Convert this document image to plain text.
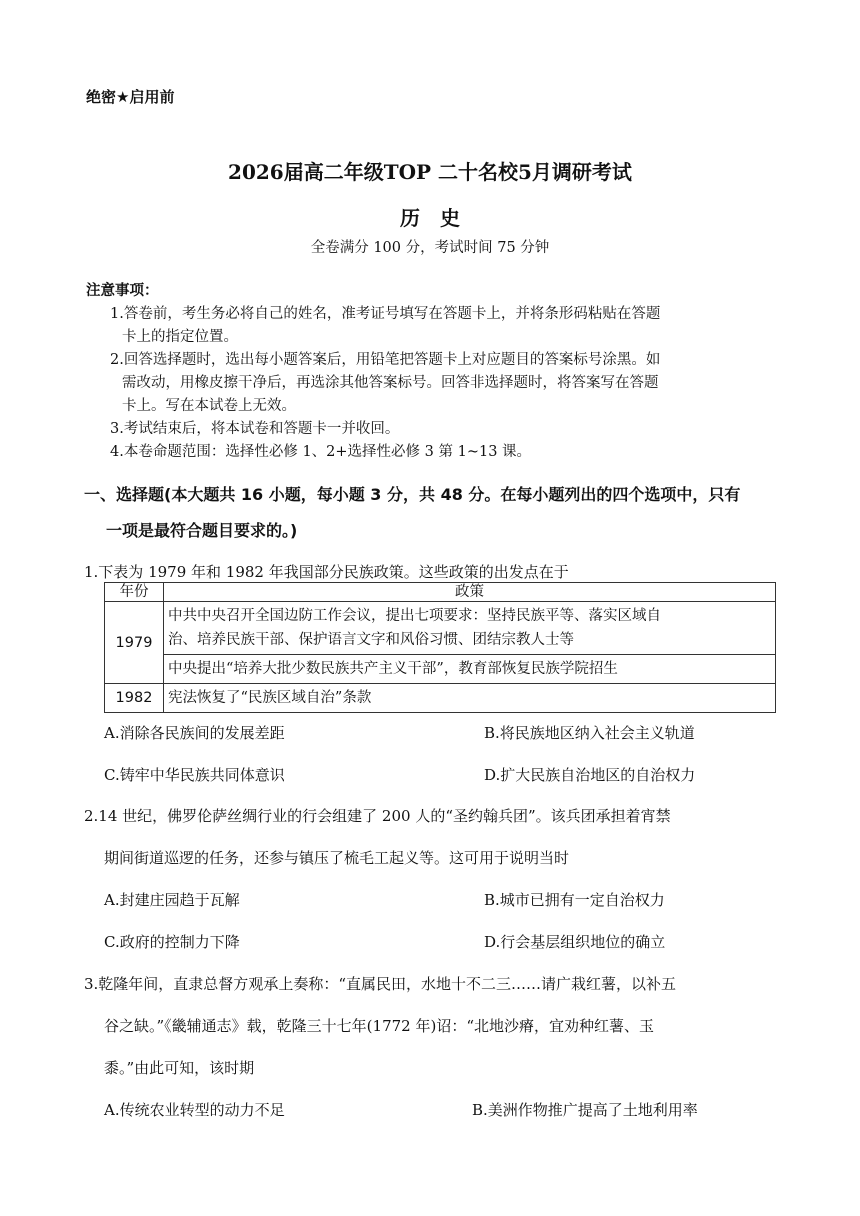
绝密★启用前
2026届高二年级TOP 二十名校5月调研考试
历　史
全卷满分 100 分，考试时间 75 分钟
注意事项：
1.答卷前，考生务必将自己的姓名，准考证号填写在答题卡上，并将条形码粘贴在答题
卡上的指定位置。
2.回答选择题时，选出每小题答案后，用铅笔把答题卡上对应题目的答案标号涂黑。如
需改动，用橡皮擦干净后，再选涂其他答案标号。回答非选择题时，将答案写在答题
卡上。写在本试卷上无效。
3.考试结束后，将本试卷和答题卡一并收回。
4.本卷命题范围：选择性必修 1、2+选择性必修 3 第 1~13 课。
一、选择题(本大题共 16 小题，每小题 3 分，共 48 分。在每小题列出的四个选项中，只有
一项是最符合题目要求的。)
1.下表为 1979 年和 1982 年我国部分民族政策。这些政策的出发点在于
年份	政策
1979	中共中央召开全国边防工作会议，提出七项要求：坚持民族平等、落实区域自
治、培养民族干部、保护语言文字和风俗习惯、团结宗教人士等

	中央提出“培养大批少数民族共产主义干部”，教育部恢复民族学院招生
1982	宪法恢复了“民族区域自治”条款
A.消除各民族间的发展差距	B.将民族地区纳入社会主义轨道
C.铸牢中华民族共同体意识	D.扩大民族自治地区的自治权力
2.14 世纪，佛罗伦萨丝绸行业的行会组建了 200 人的“圣约翰兵团”。该兵团承担着宵禁
期间街道巡逻的任务，还参与镇压了梳毛工起义等。这可用于说明当时
A.封建庄园趋于瓦解	B.城市已拥有一定自治权力
C.政府的控制力下降	D.行会基层组织地位的确立
3.乾隆年间，直隶总督方观承上奏称：“直属民田，水地十不二三……请广栽红薯，以补五
谷之缺。”《畿辅通志》载，乾隆三十七年(1772 年)诏：“北地沙瘠，宜劝种红薯、玉
黍。”由此可知，该时期
A.传统农业转型的动力不足	B.美洲作物推广提高了土地利用率
